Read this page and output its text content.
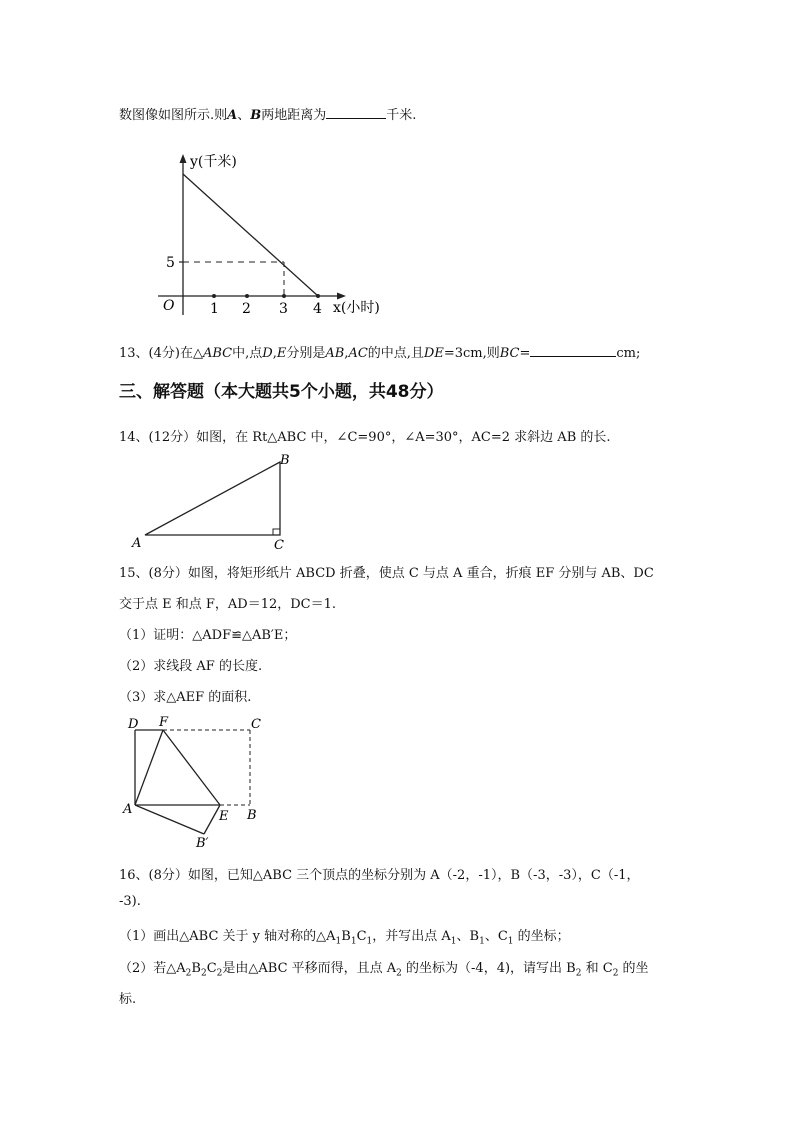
数图像如图所示.则A、B两地距离为	千米.
y(千米)
x(小时)
O	1 2 3 4
5
13、(4分)在△ABC中,点D,E分别是AB,AC的中点,且DE=3cm,则BC=	cm;
三、解答题（本大题共5个小题，共48分）
14、(12分）如图，在 Rt△ABC 中，∠C=90°，∠A=30°，AC=2 求斜边 AB 的长.
A
B
C
15、(8分）如图，将矩形纸片 ABCD 折叠，使点 C 与点 A 重合，折痕 EF 分别与 AB、DC
交于点 E 和点 F，AD＝12，DC＝1.
（1）证明：△ADF≌△AB′E；
（2）求线段 AF 的长度.
（3）求△AEF 的面积.
D F	C
A	E B
B′
16、(8分）如图，已知△ABC 三个顶点的坐标分别为 A（-2，-1），B（-3，-3），C（-1，
-3).
（1）画出△ABC 关于 y 轴对称的$\triangle A_1B_1C_1$，并写出点 $A_1$、$B_1$、$C_1$ 的坐标；
（2）若$\triangle A_2B_2C_2$是由△ABC 平移而得，且点 $A_2$ 的坐标为（-4，4)，请写出 $B_2$ 和 $C_2$ 的坐
标.
